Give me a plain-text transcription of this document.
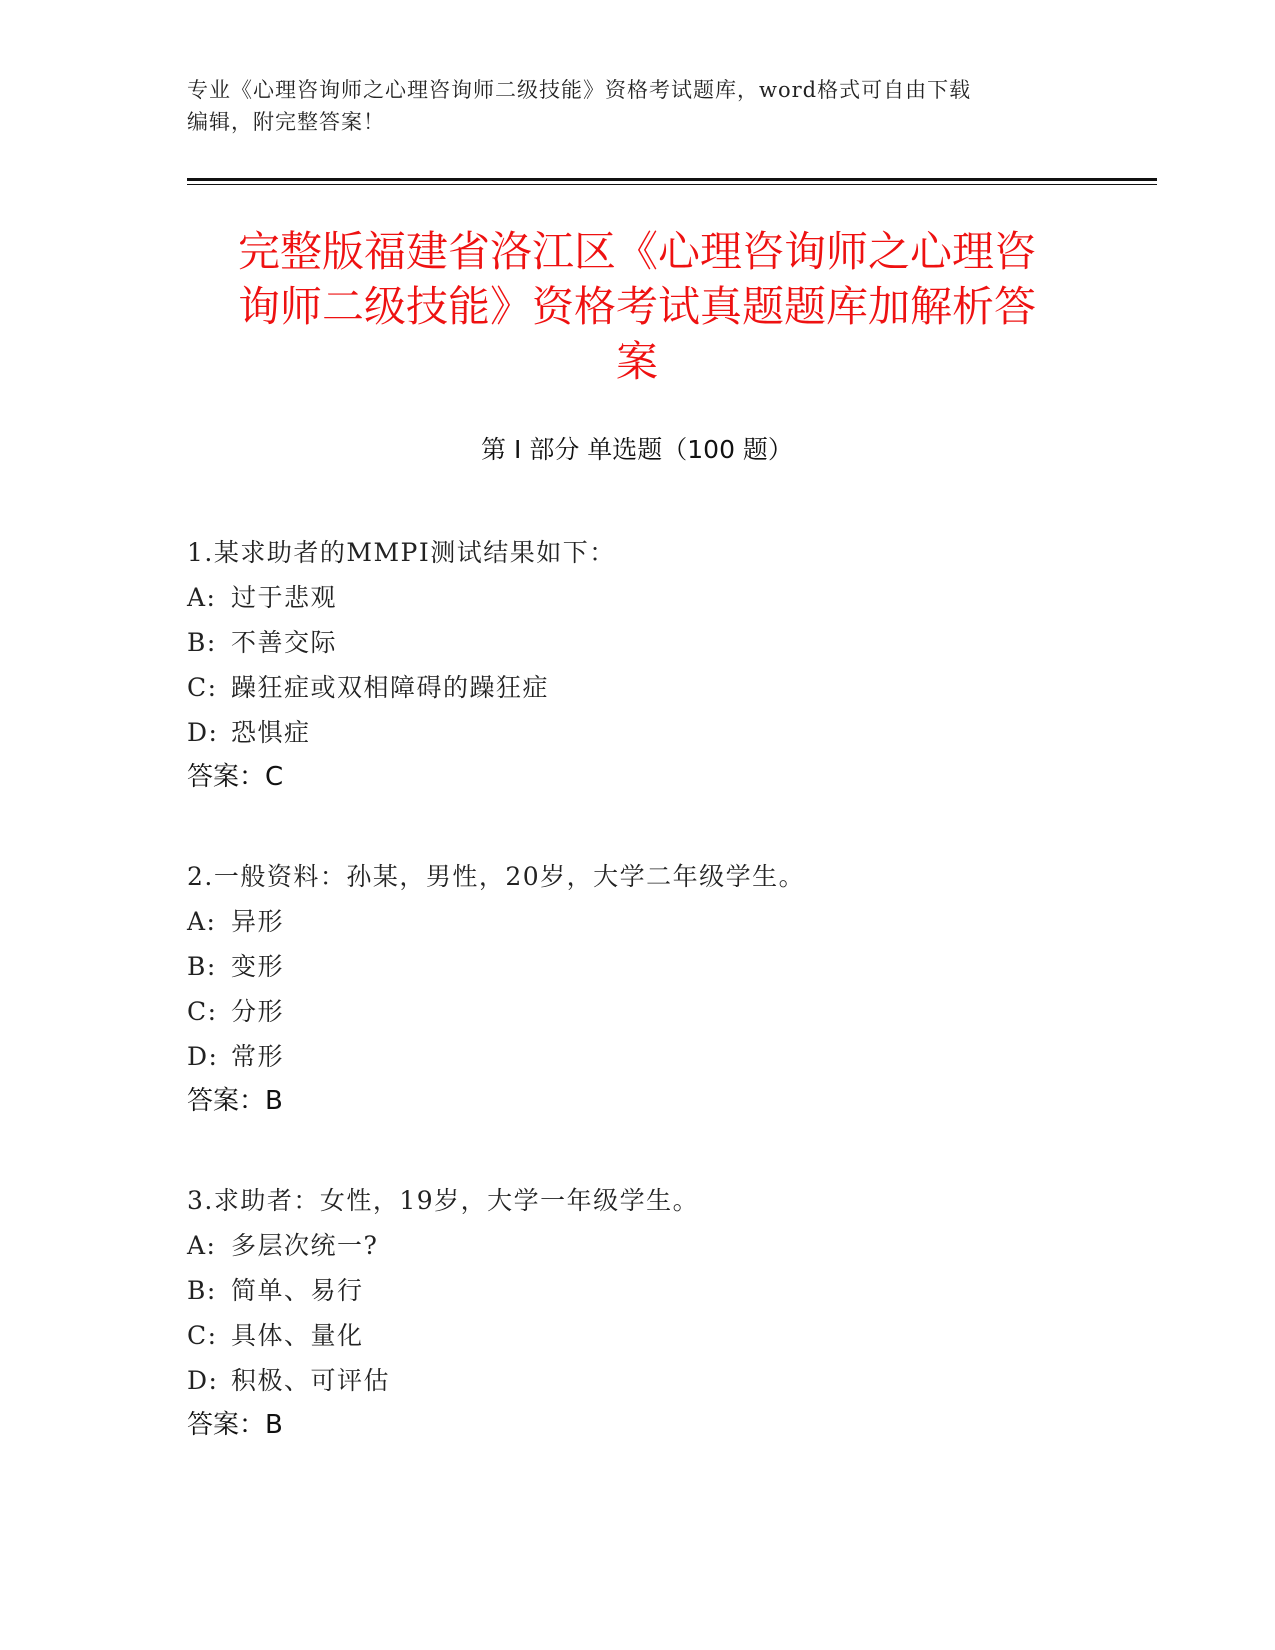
专业《心理咨询师之心理咨询师二级技能》资格考试题库，word格式可自由下载
编辑，附完整答案！
完整版福建省洛江区《心理咨询师之心理咨
询师二级技能》资格考试真题题库加解析答
案
第 I 部分 单选题（100 题）
1.某求助者的MMPI测试结果如下：
A: 过于悲观
B: 不善交际
C: 躁狂症或双相障碍的躁狂症
D: 恐惧症
答案：C
2.一般资料：孙某，男性，20岁，大学二年级学生。
A: 异形
B: 变形
C: 分形
D: 常形
答案：B
3.求助者：女性，19岁，大学一年级学生。
A: 多层次统一?
B: 简单、易行
C: 具体、量化
D: 积极、可评估
答案：B
